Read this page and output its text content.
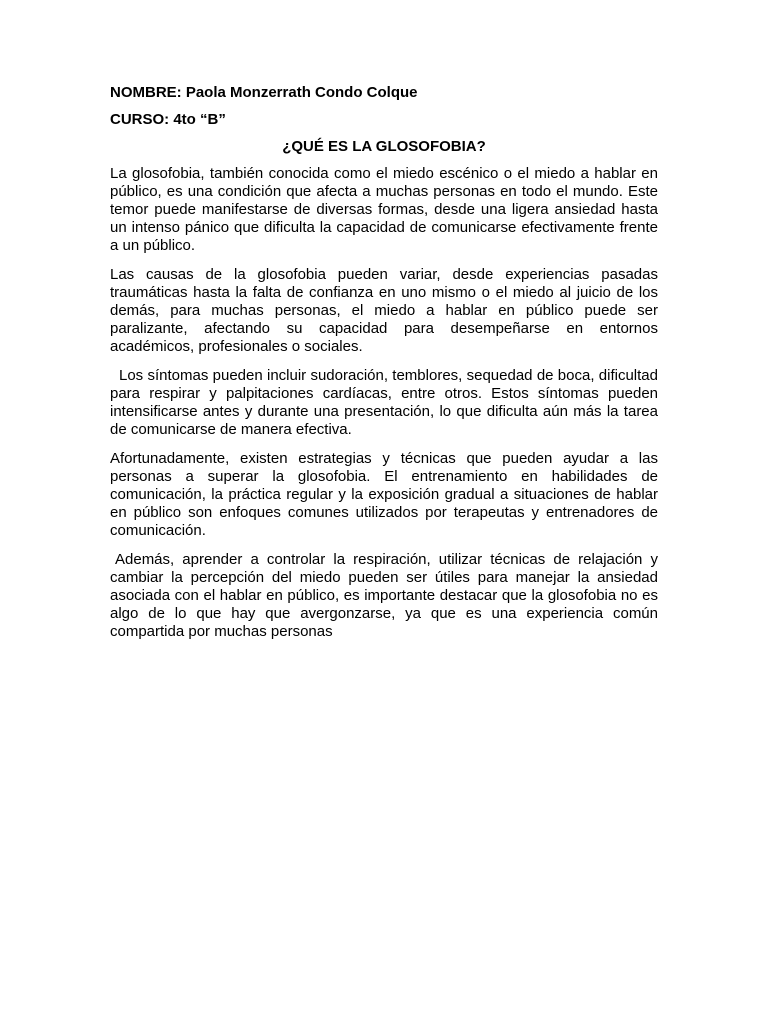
NOMBRE: Paola Monzerrath Condo Colque

CURSO: 4to “B”

¿QUÉ ES LA GLOSOFOBIA?

La glosofobia, también conocida como el miedo escénico o el miedo a hablar en público, es una condición que afecta a muchas personas en todo el mundo. Este temor puede manifestarse de diversas formas, desde una ligera ansiedad hasta un intenso pánico que dificulta la capacidad de comunicarse efectivamente frente a un público.

Las causas de la glosofobia pueden variar, desde experiencias pasadas traumáticas hasta la falta de confianza en uno mismo o el miedo al juicio de los demás, para muchas personas, el miedo a hablar en público puede ser paralizante, afectando su capacidad para desempeñarse en entornos académicos, profesionales o sociales.

Los síntomas pueden incluir sudoración, temblores, sequedad de boca, dificultad para respirar y palpitaciones cardíacas, entre otros. Estos síntomas pueden intensificarse antes y durante una presentación, lo que dificulta aún más la tarea de comunicarse de manera efectiva.

Afortunadamente, existen estrategias y técnicas que pueden ayudar a las personas a superar la glosofobia. El entrenamiento en habilidades de comunicación, la práctica regular y la exposición gradual a situaciones de hablar en público son enfoques comunes utilizados por terapeutas y entrenadores de comunicación.

Además, aprender a controlar la respiración, utilizar técnicas de relajación y cambiar la percepción del miedo pueden ser útiles para manejar la ansiedad asociada con el hablar en público, es importante destacar que la glosofobia no es algo de lo que hay que avergonzarse, ya que es una experiencia común compartida por muchas personas
